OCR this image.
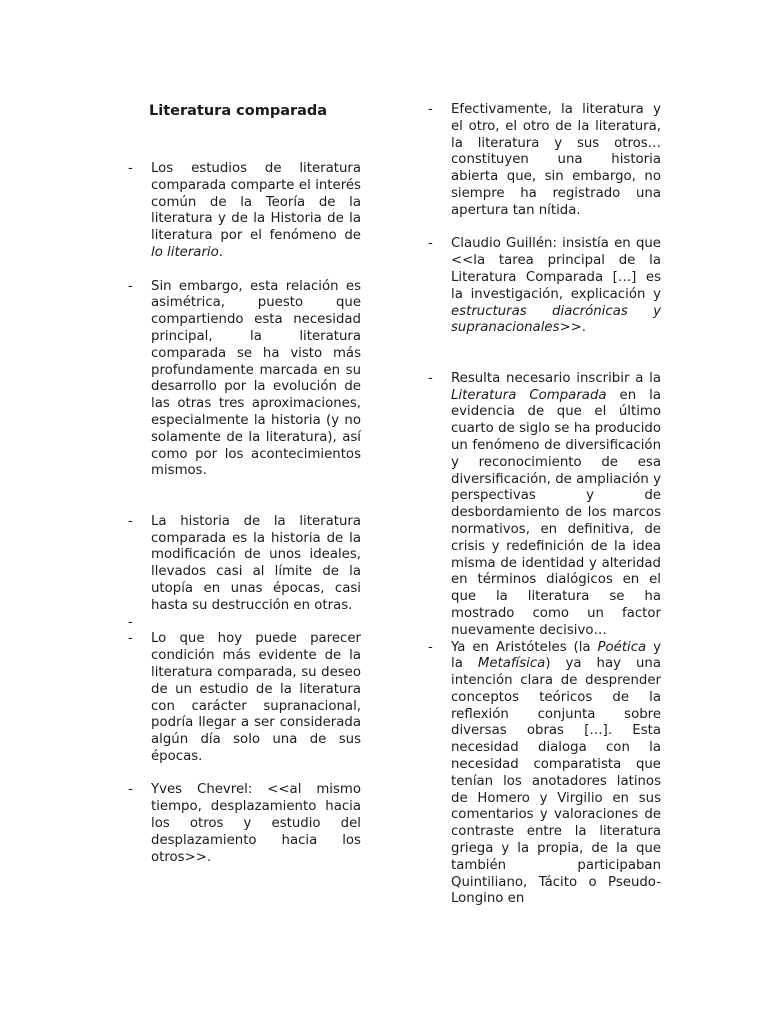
Literatura comparada
- Los estudios de literatura comparada comparte el interés común de la Teoría de la literatura y de la Historia de la literatura por el fenómeno de lo literario.
- Sin embargo, esta relación es asimétrica, puesto que compartiendo esta necesidad principal, la literatura comparada se ha visto más profundamente marcada en su desarrollo por la evolución de las otras tres aproximaciones, especialmente la historia (y no solamente de la literatura), así como por los acontecimientos mismos.
- La historia de la literatura comparada es la historia de la modificación de unos ideales, llevados casi al límite de la utopía en unas épocas, casi hasta su destrucción en otras.
-

- Lo que hoy puede parecer condición más evidente de la literatura comparada, su deseo de un estudio de la literatura con carácter supranacional, podría llegar a ser considerada algún día solo una de sus épocas.
- Yves Chevrel: <<al mismo tiempo, desplazamiento hacia los otros y estudio del desplazamiento hacia los otros>>.
- Efectivamente, la literatura y el otro, el otro de la literatura, la literatura y sus otros… constituyen una historia abierta que, sin embargo, no siempre ha registrado una apertura tan nítida.
- Claudio Guillén: insistía en que <<la tarea principal de la Literatura Comparada […] es la investigación, explicación y estructuras diacrónicas y supranacionales>>.
- Resulta necesario inscribir a la Literatura Comparada en la evidencia de que el último cuarto de siglo se ha producido un fenómeno de diversificación y reconocimiento de esa diversificación, de ampliación y perspectivas y de desbordamiento de los marcos normativos, en definitiva, de crisis y redefinición de la idea misma de identidad y alteridad en términos dialógicos en el que la literatura se ha mostrado como un factor nuevamente decisivo…
- Ya en Aristóteles (la Poética y la Metafísica) ya hay una intención clara de desprender conceptos teóricos de la reflexión conjunta sobre diversas obras […]. Esta necesidad dialoga con la necesidad comparatista que tenían los anotadores latinos de Homero y Virgilio en sus comentarios y valoraciones de contraste entre la literatura griega y la propia, de la que también participaban Quintiliano, Tácito o Pseudo-Longino en
